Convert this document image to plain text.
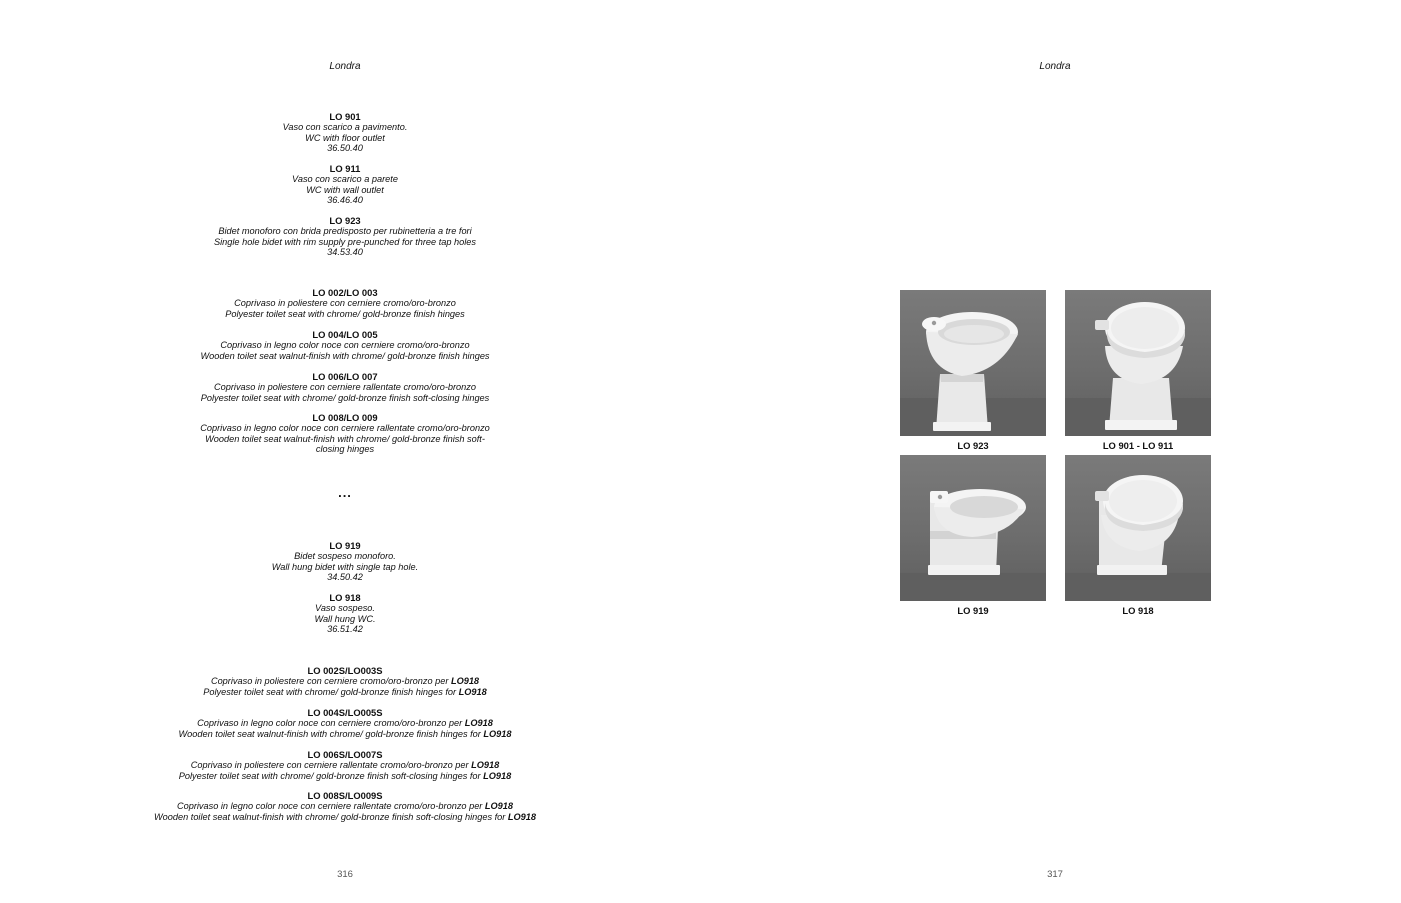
Londra
LO 901
Vaso con scarico a pavimento.
WC with floor outlet
36.50.40
LO 911
Vaso con scarico a parete
WC with wall outlet
36.46.40
LO 923
Bidet monoforo con brida predisposto per rubinetteria a tre fori
Single hole bidet with rim supply pre-punched for three tap holes
34.53.40
LO 002/LO 003
Coprivaso in poliestere con cerniere cromo/oro-bronzo
Polyester toilet seat with chrome/ gold-bronze finish hinges
LO 004/LO 005
Coprivaso in legno color noce con cerniere cromo/oro-bronzo
Wooden toilet seat walnut-finish with chrome/ gold-bronze finish hinges
LO 006/LO 007
Coprivaso in poliestere con cerniere rallentate cromo/oro-bronzo
Polyester toilet seat with chrome/ gold-bronze finish soft-closing hinges
LO 008/LO 009
Coprivaso in legno color noce con cerniere rallentate cromo/oro-bronzo
Wooden toilet seat walnut-finish with chrome/ gold-bronze finish soft-
closing hinges
...
LO 919
Bidet sospeso monoforo.
Wall hung bidet with single tap hole.
34.50.42
LO 918
Vaso sospeso.
Wall hung WC.
36.51.42
LO 002S/LO003S
Coprivaso in poliestere con cerniere cromo/oro-bronzo per LO918
Polyester toilet seat with chrome/ gold-bronze finish hinges for LO918
LO 004S/LO005S
Coprivaso in legno color noce con cerniere cromo/oro-bronzo per LO918
Wooden toilet seat walnut-finish with chrome/ gold-bronze finish hinges for LO918
LO 006S/LO007S
Coprivaso in poliestere con cerniere rallentate cromo/oro-bronzo per LO918
Polyester toilet seat with chrome/ gold-bronze finish soft-closing hinges for LO918
LO 008S/LO009S
Coprivaso in legno color noce con cerniere rallentate cromo/oro-bronzo per LO918
Wooden toilet seat walnut-finish with chrome/ gold-bronze finish soft-closing hinges for LO918
316
Londra
LO 923	LO 901 - LO 911
LO 919	LO 918
317
